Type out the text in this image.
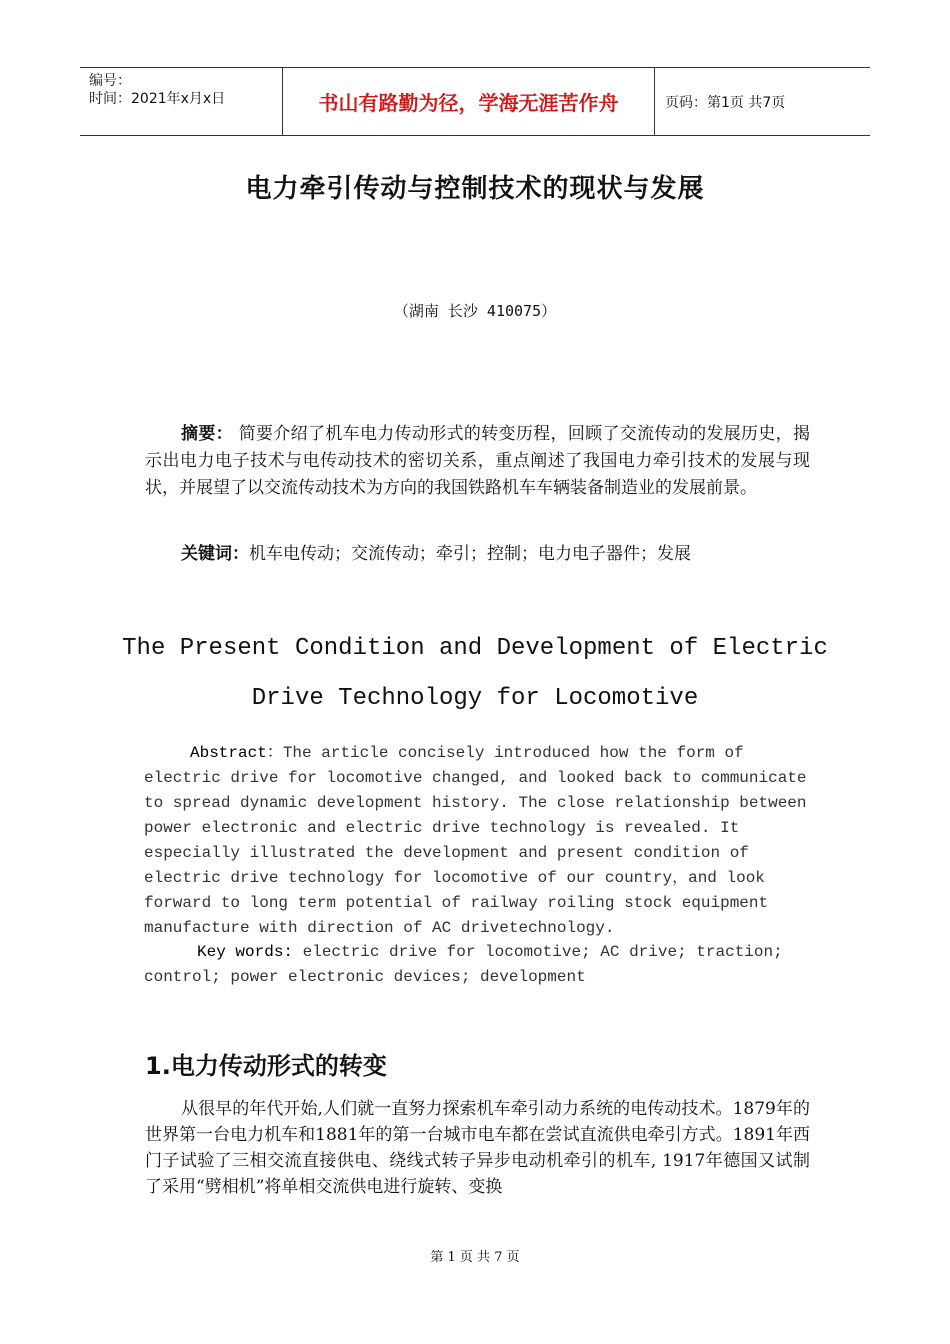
编号：
时间：2021年x月x日	书山有路勤为径，学海无涯苦作舟	页码：第1页 共7页
电力牵引传动与控制技术的现状与发展
（湖南 长沙 410075）
摘要： 简要介绍了机车电力传动形式的转变历程，回顾了交流传动的发展历史，揭示出电力电子技术与电传动技术的密切关系，重点阐述了我国电力牵引技术的发展与现状，并展望了以交流传动技术为方向的我国铁路机车车辆装备制造业的发展前景。
关键词：机车电传动；交流传动；牵引；控制；电力电子器件；发展
The Present Condition and Development of Electric
Drive Technology for Locomotive
Abstract：The article concisely introduced how the form of electric drive for locomotive changed, and looked back to communicate to spread dynamic development history. The close relationship between power electronic and electric drive technology is revealed. It especially illustrated the development and present condition of electric drive technology for locomotive of our country，and look forward to long term potential of railway roiling stock equipment manufacture with direction of AC drivetechnology.
Key words: electric drive for locomotive; AC drive; traction; control; power electronic devices; development
1.电力传动形式的转变
从很早的年代开始,人们就一直努力探索机车牵引动力系统的电传动技术。1879年的世界第一台电力机车和1881年的第一台城市电车都在尝试直流供电牵引方式。1891年西门子试验了三相交流直接供电、绕线式转子异步电动机牵引的机车, 1917年德国又试制了采用“劈相机”将单相交流供电进行旋转、变换
第 1 页 共 7 页
